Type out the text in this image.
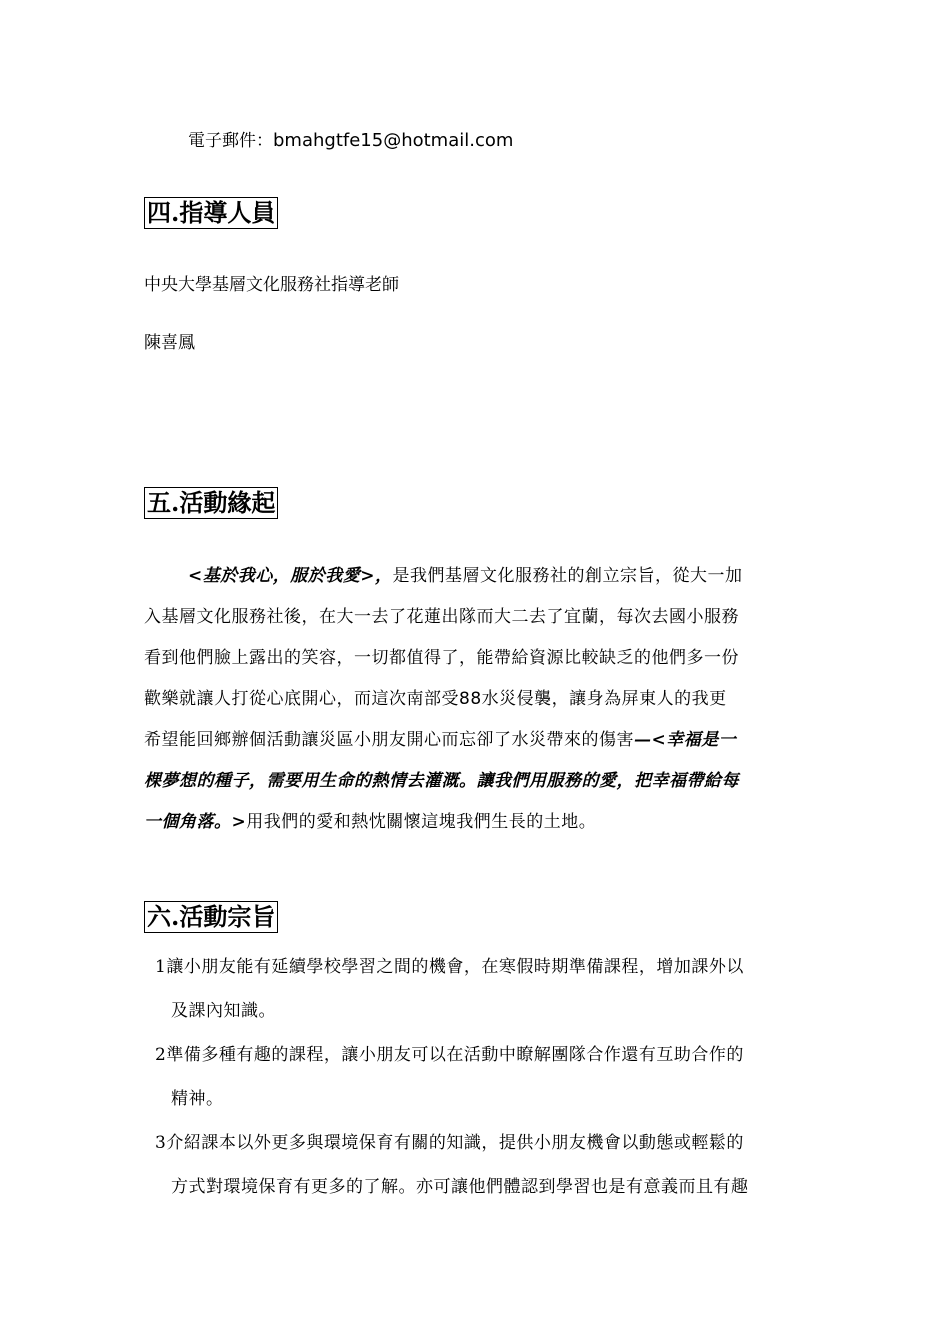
電子郵件：bmahgtfe15@hotmail.com
四.指導人員
中央大學基層文化服務社指導老師
陳喜鳳
五.活動緣起
<基於我心，服於我愛>，是我們基層文化服務社的創立宗旨，從大一加
入基層文化服務社後，在大一去了花蓮出隊而大二去了宜蘭，每次去國小服務
看到他們臉上露出的笑容，一切都值得了，能帶給資源比較缺乏的他們多一份
歡樂就讓人打從心底開心，而這次南部受88水災侵襲，讓身為屏東人的我更
希望能回鄉辦個活動讓災區小朋友開心而忘卻了水災帶來的傷害—<幸福是一
棵夢想的種子，需要用生命的熱情去灌溉。讓我們用服務的愛，把幸福帶給每
一個角落。>用我們的愛和熱忱關懷這塊我們生長的土地。
六.活動宗旨
1讓小朋友能有延續學校學習之間的機會，在寒假時期準備課程，增加課外以
及課內知識。
2準備多種有趣的課程，讓小朋友可以在活動中瞭解團隊合作還有互助合作的
精神。
3介紹課本以外更多與環境保育有關的知識，提供小朋友機會以動態或輕鬆的
方式對環境保育有更多的了解。亦可讓他們體認到學習也是有意義而且有趣
